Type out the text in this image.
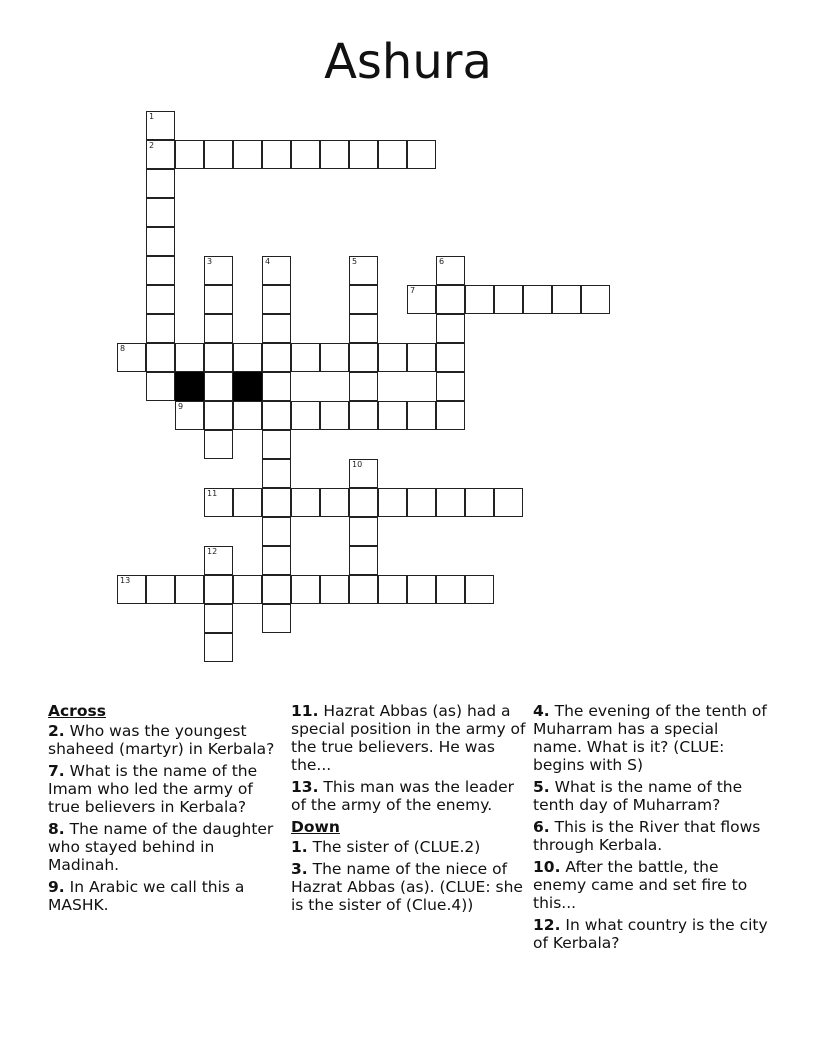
Ashura
1
2
3	4	5	6
7
8
9
10
11
12
13
Across
2. Who was the youngest shaheed (martyr) in Kerbala?
7. What is the name of the Imam who led the army of true believers in Kerbala?
8. The name of the daughter who stayed behind in Madinah.
9. In Arabic we call this a MASHK.
11. Hazrat Abbas (as) had a special position in the army of the true believers. He was the...
13. This man was the leader of the army of the enemy.
Down
1. The sister of (CLUE.2)
3. The name of the niece of Hazrat Abbas (as). (CLUE: she is the sister of (Clue.4))
4. The evening of the tenth of Muharram has a special name. What is it? (CLUE: begins with S)
5. What is the name of the tenth day of Muharram?
6. This is the River that flows through Kerbala.
10. After the battle, the enemy came and set fire to this...
12. In what country is the city of Kerbala?
